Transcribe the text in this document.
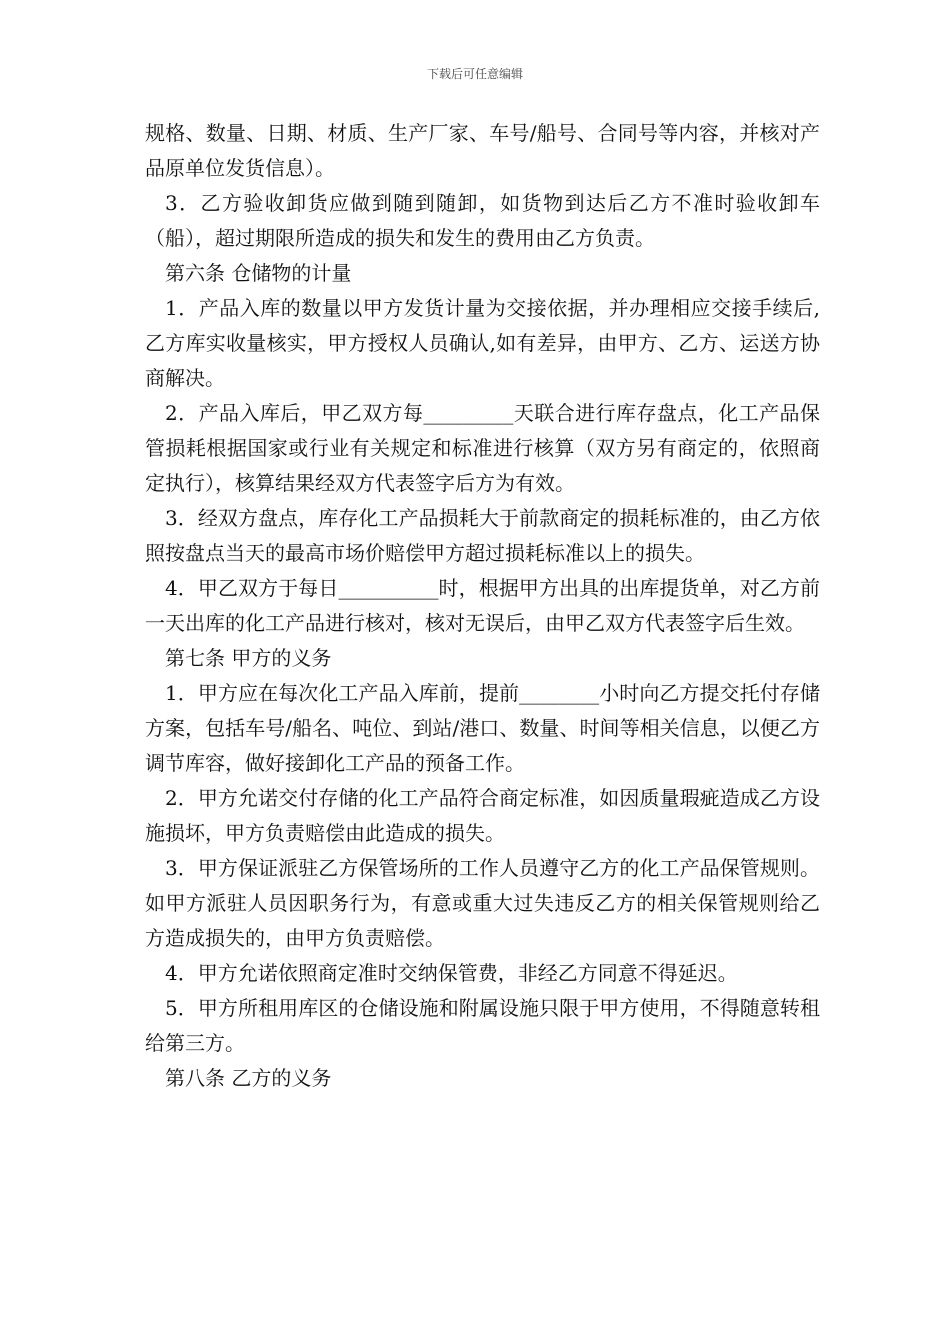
下载后可任意编辑

规格、数量、日期、材质、生产厂家、车号/船号、合同号等内容，并核对产品原单位发货信息）。

3．乙方验收卸货应做到随到随卸，如货物到达后乙方不准时验收卸车（船），超过期限所造成的损失和发生的费用由乙方负责。

第六条 仓储物的计量

1．产品入库的数量以甲方发货计量为交接依据，并办理相应交接手续后,乙方库实收量核实，甲方授权人员确认,如有差异，由甲方、乙方、运送方协商解决。

2．产品入库后，甲乙双方每_________天联合进行库存盘点，化工产品保管损耗根据国家或行业有关规定和标准进行核算（双方另有商定的，依照商定执行），核算结果经双方代表签字后方为有效。

3．经双方盘点，库存化工产品损耗大于前款商定的损耗标准的，由乙方依照按盘点当天的最高市场价赔偿甲方超过损耗标准以上的损失。

4．甲乙双方于每日__________时，根据甲方出具的出库提货单，对乙方前一天出库的化工产品进行核对，核对无误后，由甲乙双方代表签字后生效。

第七条 甲方的义务

1．甲方应在每次化工产品入库前，提前________小时向乙方提交托付存储方案，包括车号/船名、吨位、到站/港口、数量、时间等相关信息，以便乙方调节库容，做好接卸化工产品的预备工作。

2．甲方允诺交付存储的化工产品符合商定标准，如因质量瑕疵造成乙方设施损坏，甲方负责赔偿由此造成的损失。

3．甲方保证派驻乙方保管场所的工作人员遵守乙方的化工产品保管规则。如甲方派驻人员因职务行为，有意或重大过失违反乙方的相关保管规则给乙方造成损失的，由甲方负责赔偿。

4．甲方允诺依照商定准时交纳保管费，非经乙方同意不得延迟。

5．甲方所租用库区的仓储设施和附属设施只限于甲方使用，不得随意转租给第三方。

第八条 乙方的义务
